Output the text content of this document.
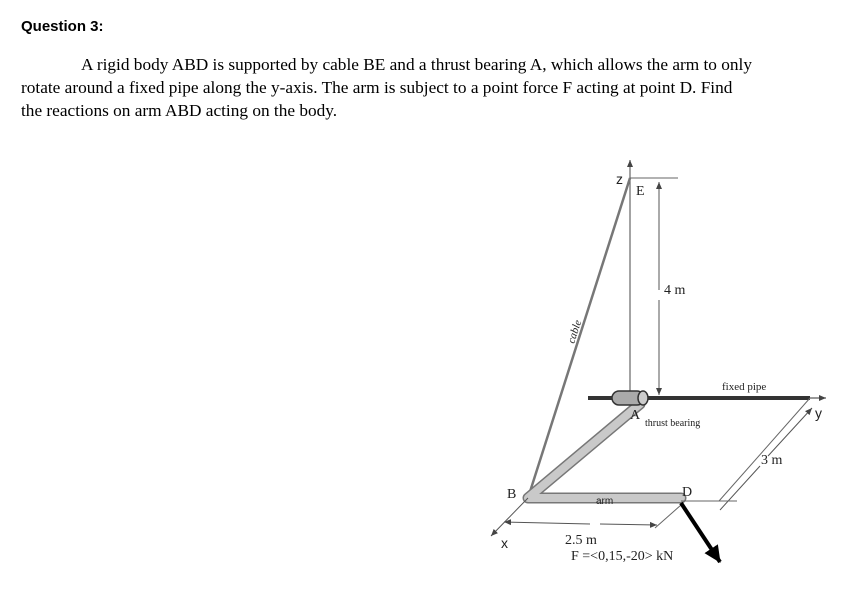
Question 3:

A rigid body ABD is supported by cable BE and a thrust bearing A, which allows the arm to only
rotate around a fixed pipe along the y-axis. The arm is subject to a point force F acting at point D. Find
the reactions on arm ABD acting on the body.

z
4 m
E
cable
y
fixed pipe
3 m
arm
A
thrust bearing
B	D
x	2.5 m
F =<0,15,-20> kN
